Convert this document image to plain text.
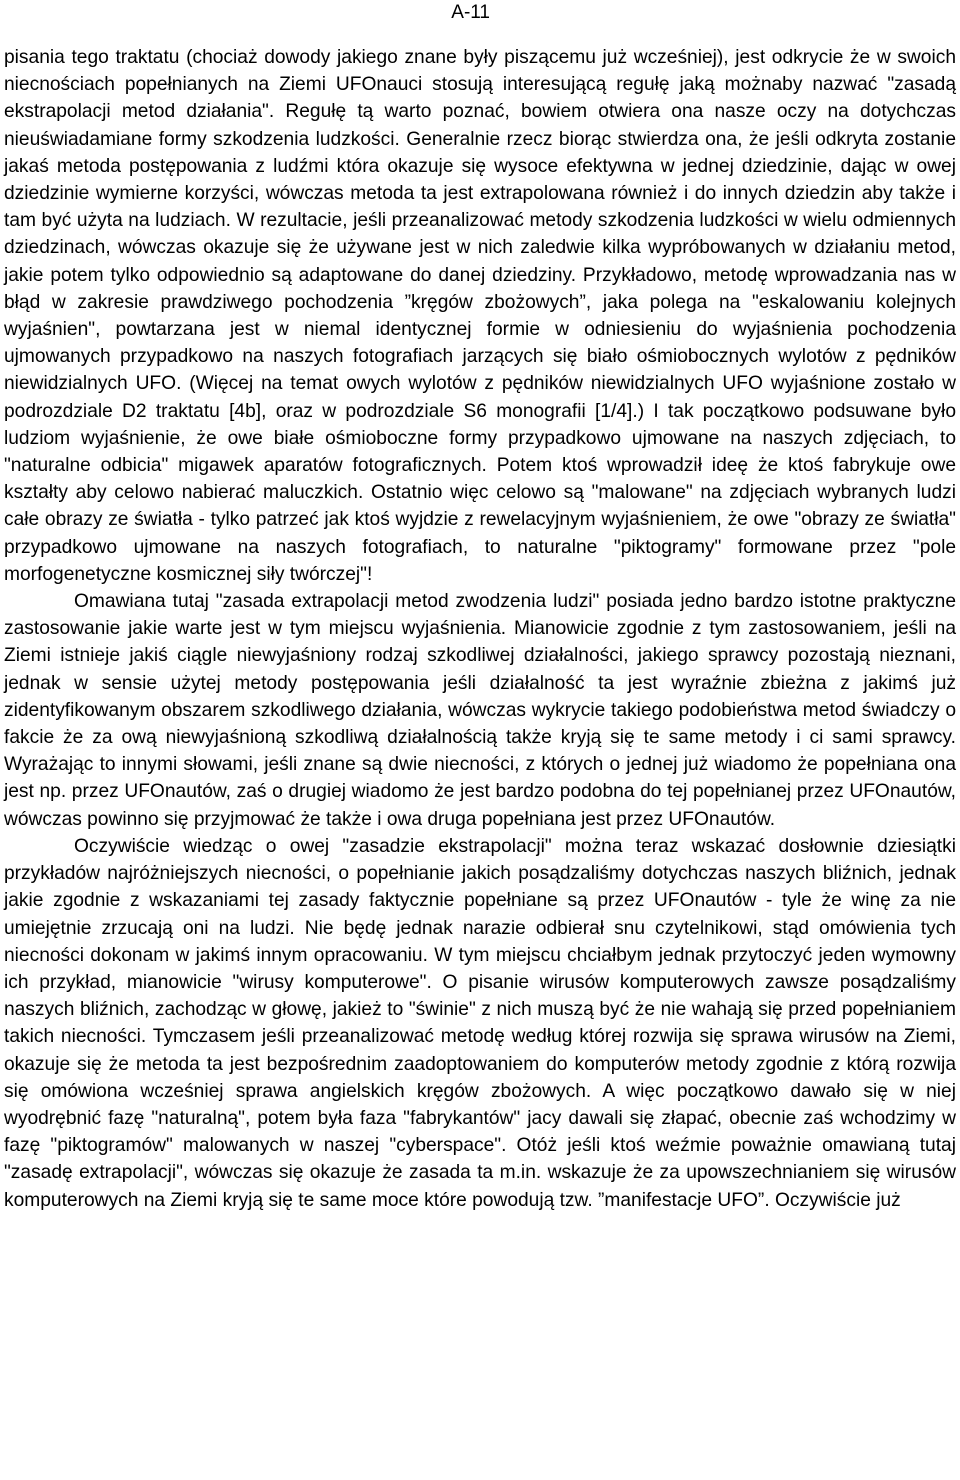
A-11

pisania tego traktatu (chociaż dowody jakiego znane były piszącemu już wcześniej), jest odkrycie że w swoich niecnościach popełnianych na Ziemi UFOnauci stosują interesującą regułę jaką możnaby nazwać "zasadą ekstrapolacji metod działania". Regułę tą warto poznać, bowiem otwiera ona nasze oczy na dotychczas nieuświadamiane formy szkodzenia ludzkości. Generalnie rzecz biorąc stwierdza ona, że jeśli odkryta zostanie jakaś metoda postępowania z ludźmi która okazuje się wysoce efektywna w jednej dziedzinie, dając w owej dziedzinie wymierne korzyści, wówczas metoda ta jest extrapolowana również i do innych dziedzin aby także i tam być użyta na ludziach. W rezultacie, jeśli przeanalizować metody szkodzenia ludzkości w wielu odmiennych dziedzinach, wówczas okazuje się że używane jest w nich zaledwie kilka wypróbowanych w działaniu metod, jakie potem tylko odpowiednio są adaptowane do danej dziedziny. Przykładowo, metodę wprowadzania nas w błąd w zakresie prawdziwego pochodzenia ”kręgów zbożowych”, jaka polega na "eskalowaniu kolejnych wyjaśnien", powtarzana jest w niemal identycznej formie w odniesieniu do wyjaśnienia pochodzenia ujmowanych przypadkowo na naszych fotografiach jarzących się biało ośmiobocznych wylotów z pędników niewidzialnych UFO. (Więcej na temat owych wylotów z pędników niewidzialnych UFO wyjaśnione zostało w podrozdziale D2 traktatu [4b], oraz w podrozdziale S6 monografii [1/4].) I tak początkowo podsuwane było ludziom wyjaśnienie, że owe białe ośmioboczne formy przypadkowo ujmowane na naszych zdjęciach, to "naturalne odbicia" migawek aparatów fotograficznych. Potem ktoś wprowadził ideę że ktoś fabrykuje owe kształty aby celowo nabierać maluczkich. Ostatnio więc celowo są "malowane" na zdjęciach wybranych ludzi całe obrazy ze światła - tylko patrzeć jak ktoś wyjdzie z rewelacyjnym wyjaśnieniem, że owe "obrazy ze światła" przypadkowo ujmowane na naszych fotografiach, to naturalne "piktogramy" formowane przez "pole morfogenetyczne kosmicznej siły twórczej"!

Omawiana tutaj "zasada extrapolacji metod zwodzenia ludzi" posiada jedno bardzo istotne praktyczne zastosowanie jakie warte jest w tym miejscu wyjaśnienia. Mianowicie zgodnie z tym zastosowaniem, jeśli na Ziemi istnieje jakiś ciągle niewyjaśniony rodzaj szkodliwej działalności, jakiego sprawcy pozostają nieznani, jednak w sensie użytej metody postępowania jeśli działalność ta jest wyraźnie zbieżna z jakimś już zidentyfikowanym obszarem szkodliwego działania, wówczas wykrycie takiego podobieństwa metod świadczy o fakcie że za ową niewyjaśnioną szkodliwą działalnością także kryją się te same metody i ci sami sprawcy. Wyrażając to innymi słowami, jeśli znane są dwie niecności, z których o jednej już wiadomo że popełniana ona jest np. przez UFOnautów, zaś o drugiej wiadomo że jest bardzo podobna do tej popełnianej przez UFOnautów, wówczas powinno się przyjmować że także i owa druga popełniana jest przez UFOnautów.

Oczywiście wiedząc o owej "zasadzie ekstrapolacji" można teraz wskazać dosłownie dziesiątki przykładów najróżniejszych niecności, o popełnianie jakich posądzaliśmy dotychczas naszych bliźnich, jednak jakie zgodnie z wskazaniami tej zasady faktycznie popełniane są przez UFOnautów - tyle że winę za nie umiejętnie zrzucają oni na ludzi. Nie będę jednak narazie odbierał snu czytelnikowi, stąd omówienia tych niecności dokonam w jakimś innym opracowaniu. W tym miejscu chciałbym jednak przytoczyć jeden wymowny ich przykład, mianowicie "wirusy komputerowe". O pisanie wirusów komputerowych zawsze posądzaliśmy naszych bliźnich, zachodząc w głowę, jakież to "świnie" z nich muszą być że nie wahają się przed popełnianiem takich niecności. Tymczasem jeśli przeanalizować metodę według której rozwija się sprawa wirusów na Ziemi, okazuje się że metoda ta jest bezpośrednim zaadoptowaniem do komputerów metody zgodnie z którą rozwija się omówiona wcześniej sprawa angielskich kręgów zbożowych. A więc początkowo dawało się w niej wyodrębnić fazę "naturalną", potem była faza "fabrykantów" jacy dawali się złapać, obecnie zaś wchodzimy w fazę "piktogramów" malowanych w naszej "cyberspace". Otóż jeśli ktoś weźmie poważnie omawianą tutaj "zasadę extrapolacji", wówczas się okazuje że zasada ta m.in. wskazuje że za upowszechnianiem się wirusów komputerowych na Ziemi kryją się te same moce które powodują tzw. ”manifestacje UFO”. Oczywiście już
